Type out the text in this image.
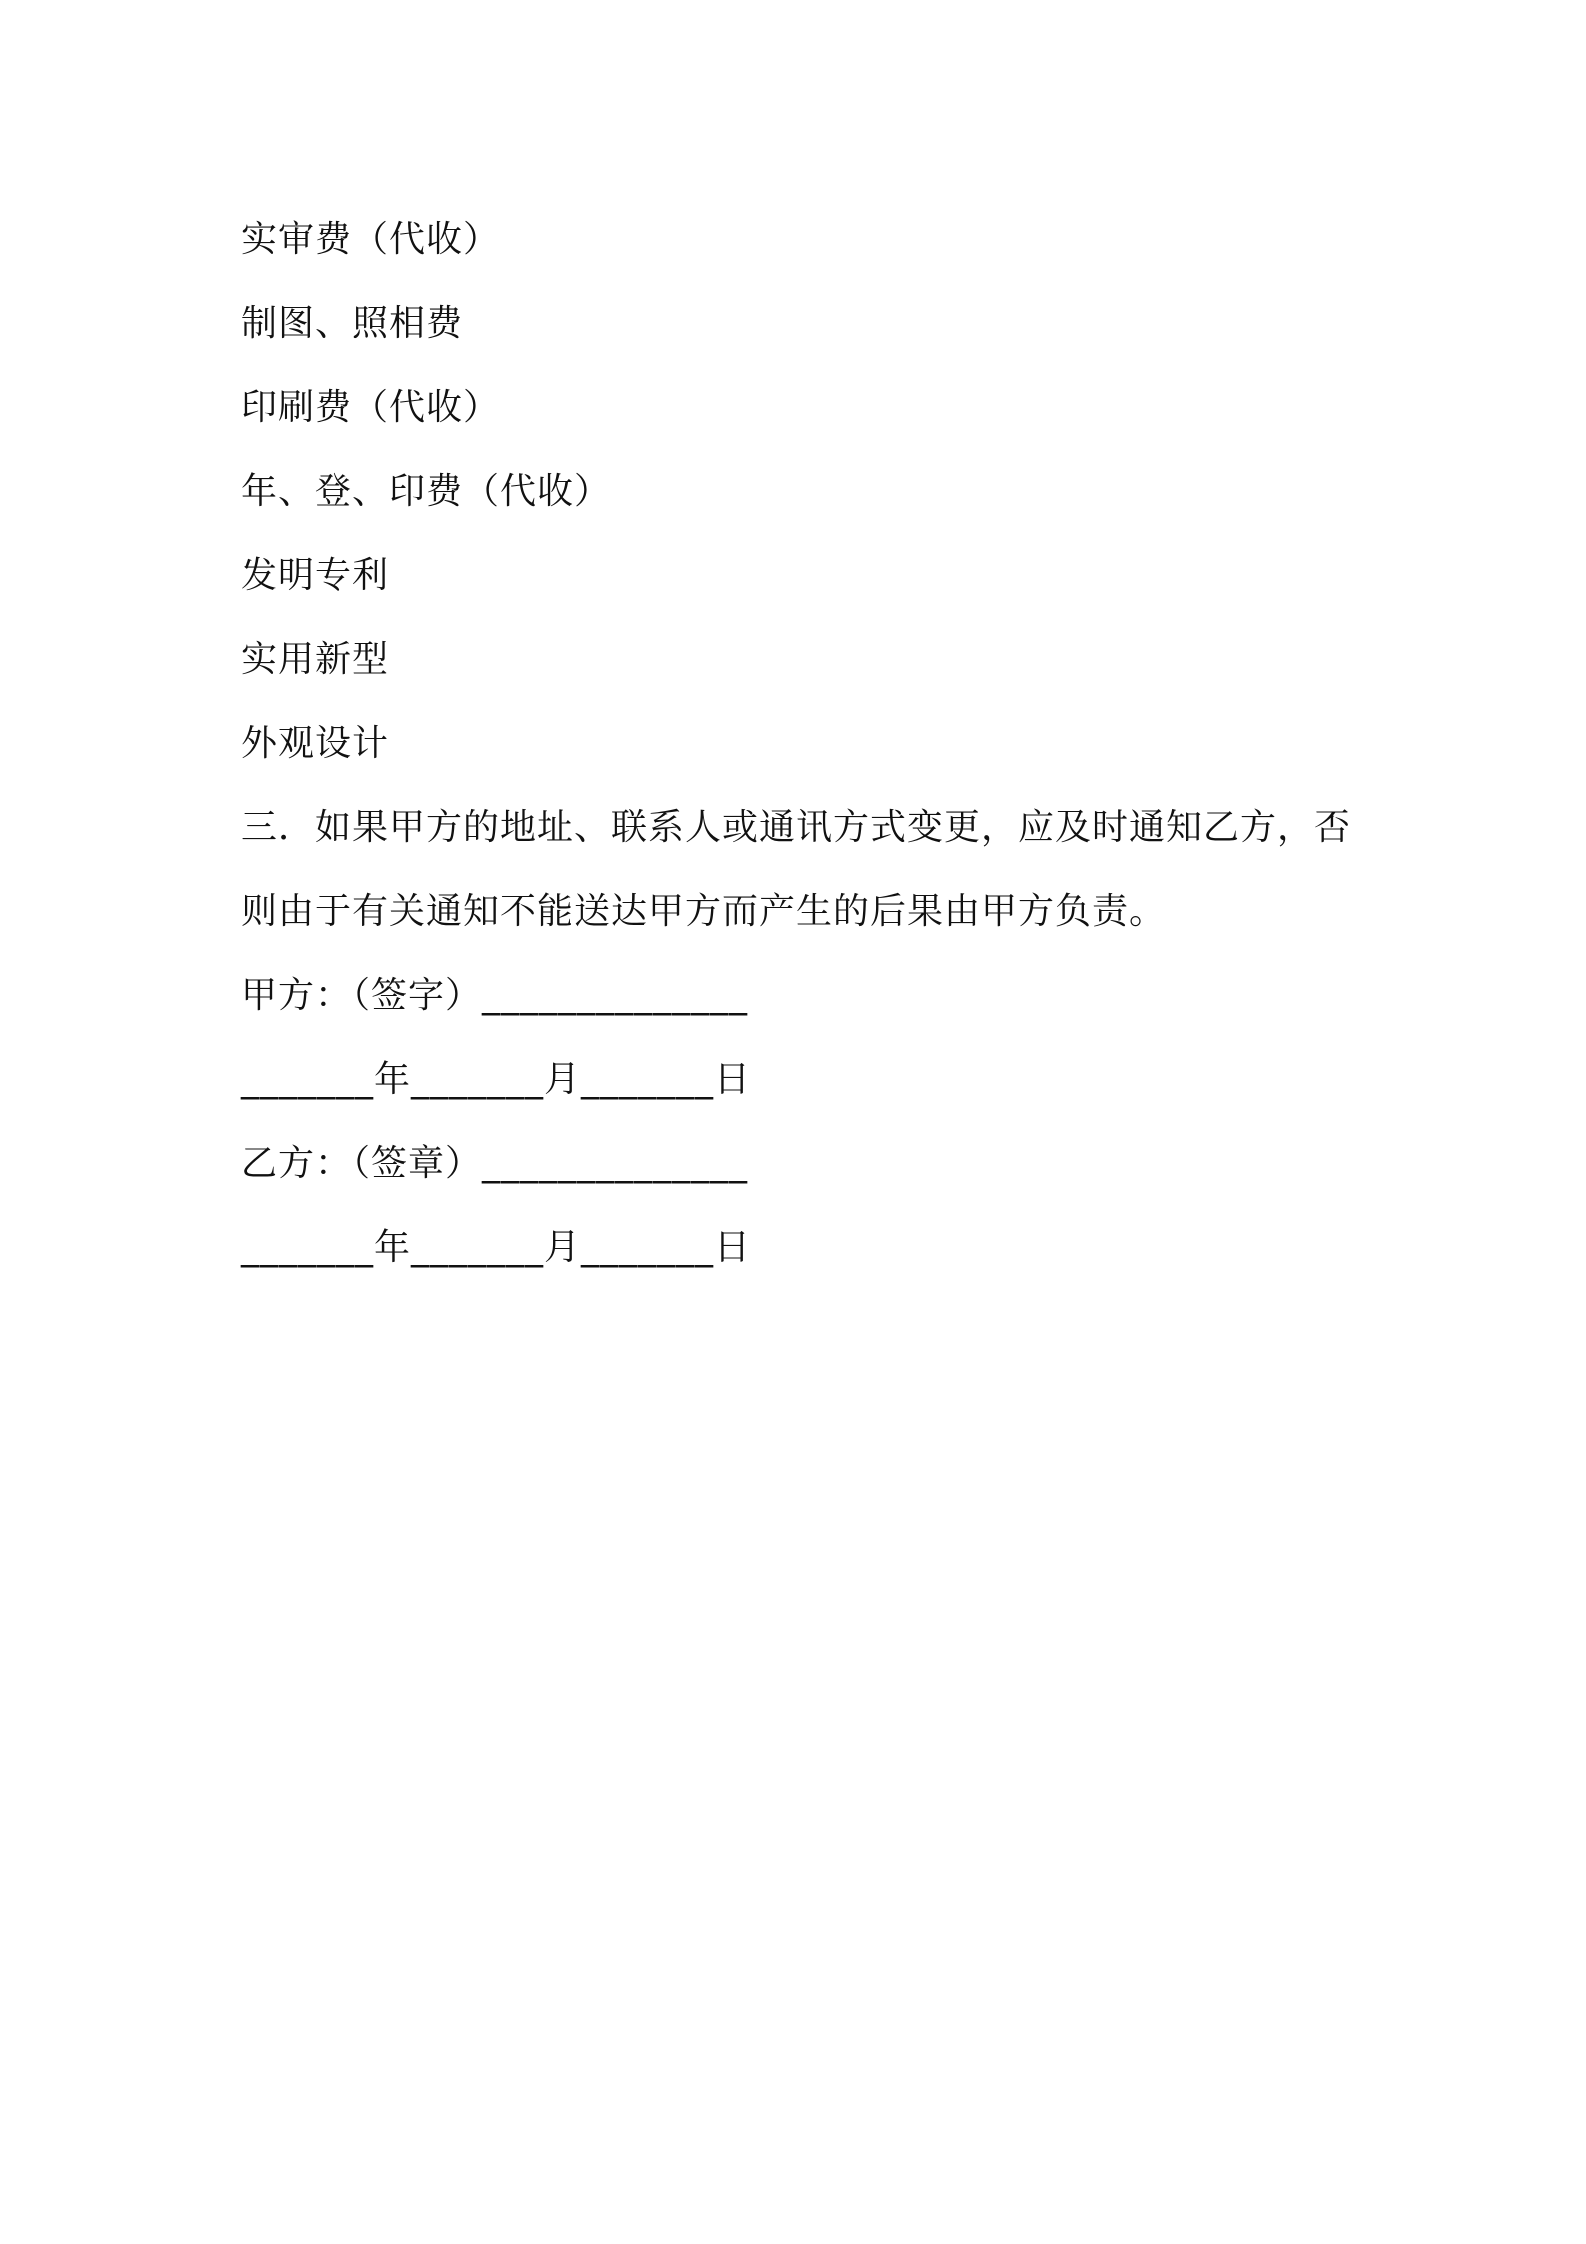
实审费（代收）
制图、照相费
印刷费（代收）
年、登、印费（代收）
发明专利
实用新型
外观设计
三．如果甲方的地址、联系人或通讯方式变更，应及时通知乙方，否
则由于有关通知不能送达甲方而产生的后果由甲方负责。
甲方：（签字）______________
_______年_______月_______日
乙方：（签章）______________
_______年_______月_______日
